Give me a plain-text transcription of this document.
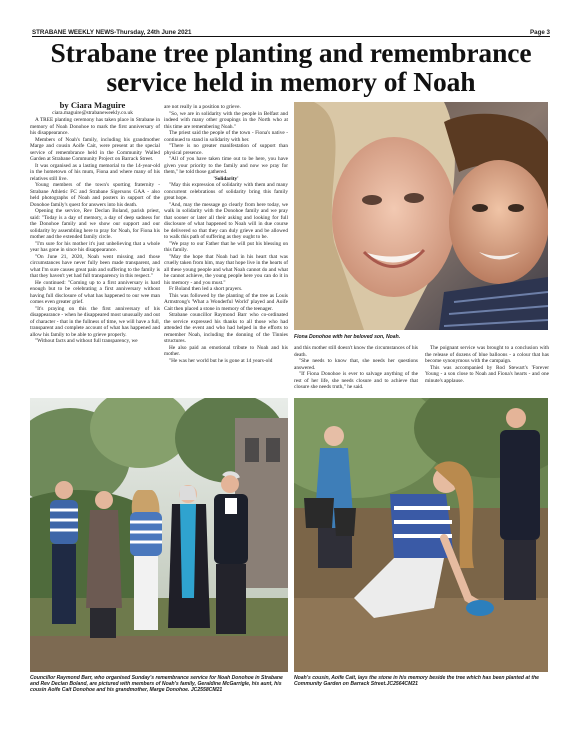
STRABANE WEEKLY NEWS-Thursday, 24th June 2021	Page 3
Strabane tree planting and remembrance service held in memory of Noah
by Ciara Maguire
ciara.maguire@strabaneweekly.co.uk

A TREE planting ceremony has taken place in Strabane in memory of Noah Donohoe to mark the first anniversary of his disappearance.

Members of Noah's family, including his grandmother Marge and cousin Aoife Cait, were present at the special service of remembrance held in the Community Walled Garden at Strabane Community Project on Barrack Street.

It was organised as a lasting memorial to the 14-year-old in the hometown of his mum, Fiona and where many of his relatives still live.

Young members of the town's sporting fraternity - Strabane Athletic FC and Strabane Sigersons GAA - also held photographs of Noah and posters in support of the Donohoe family's quest for answers into his death.

Opening the service, Rev Declan Boland, parish priest, said: "Today is a day of memory, a day of deep sadness for the Donohoe family and we show our support and our solidarity by assembling here to pray for Noah, for Fiona his mother and the extended family circle.

"I'm sure for his mother it's just unbelieving that a whole year has gone in since his disappearance.

"On June 21, 2020, Noah went missing and those circumstances have never fully been made transparent, and what I'm sure causes great pain and suffering to the family is that they haven't yet had full transparency in this respect."

He continued: "Coming up to a first anniversary is hard enough but to be celebrating a first anniversary without having full disclosure of what has happened to our wee man comes even greater grief.

"It's praying on this the first anniversary of his disappearance - when he disappeared most unusually and out of character - that in the fullness of time, we will have a full, transparent and complete account of what has happened and allow his family to be able to grieve properly.

"Without facts and without full transparency, we

are not really in a position to grieve.

"So, we are in solidarity with the people in Belfast and indeed with many other groupings in the North who at this time are remembering Noah."

The priest said the people of the town - Fiona's native - continued to stand in solidarity with her.

"There is no greater manifestation of support than physical presence.

"All of you have taken time out to be here, you have given your priority to the family and now we pray for them," he told those gathered.

'Solidarity'

"May this expression of solidarity with them and many concurrent celebrations of solidarity bring this family great hope.

"And, may the message go clearly from here today, we walk in solidarity with the Donohoe family and we pray that sooner or later all their asking and looking for full disclosure of what happened to Noah will in due course be delivered so that they can duly grieve and be allowed to walk this path of suffering as they ought to be.

"We pray to our Father that he will put his blessing on this family.

"May the hope that Noah had in his heart that was cruelly taken from him, may that hope live in the hearts of all these young people and what Noah cannot do and what he cannot achieve, the young people here you can do it in his memory - and you must."

Fr Boland then led a short prayers.

This was followed by the planting of the tree as Louis Armstrong's 'What a Wonderful World' played and Aoife Cait then placed a stone in memory of the teenager.

Strabane councillor Raymond Barr who co-ordinated the service expressed his thanks to all those who had attended the event and who had helped in the efforts to remember Noah, including the donning of the Tinnies structures.

He also paid an emotional tribute to Noah and his mother.

"He was her world but he is gone at 14 years-old

Fiona Donohoe with her beloved son, Noah.

and this mother still doesn't know the circumstances of his death.

"She needs to know that, she needs her questions answered.

"If Fiona Donohoe is ever to salvage anything of the rest of her life, she needs closure and to achieve that closure she needs truth," he said.

The poignant service was brought to a conclusion with the release of dozens of blue balloons - a colour that has become synonymous with the campaign.

This was accompanied by Rod Stewart's 'Forever Young - a son close to Noah and Fiona's hearts - and one minute's applause.

Councillor Raymond Barr, who organised Sunday's remembrance service for Noah Donohoe in Strabane and Rev Declan Boland, are pictured with members of Noah's family, Geraldine McGarrigle, his aunt, his cousin Aoife Cait Donohoe and his grandmother, Marge Donohoe. JC2558CM21

Noah's cousin, Aoife Cait, lays the stone in his memory beside the tree which has been planted at the Community Garden on Barrack Street.JC2564CM21
